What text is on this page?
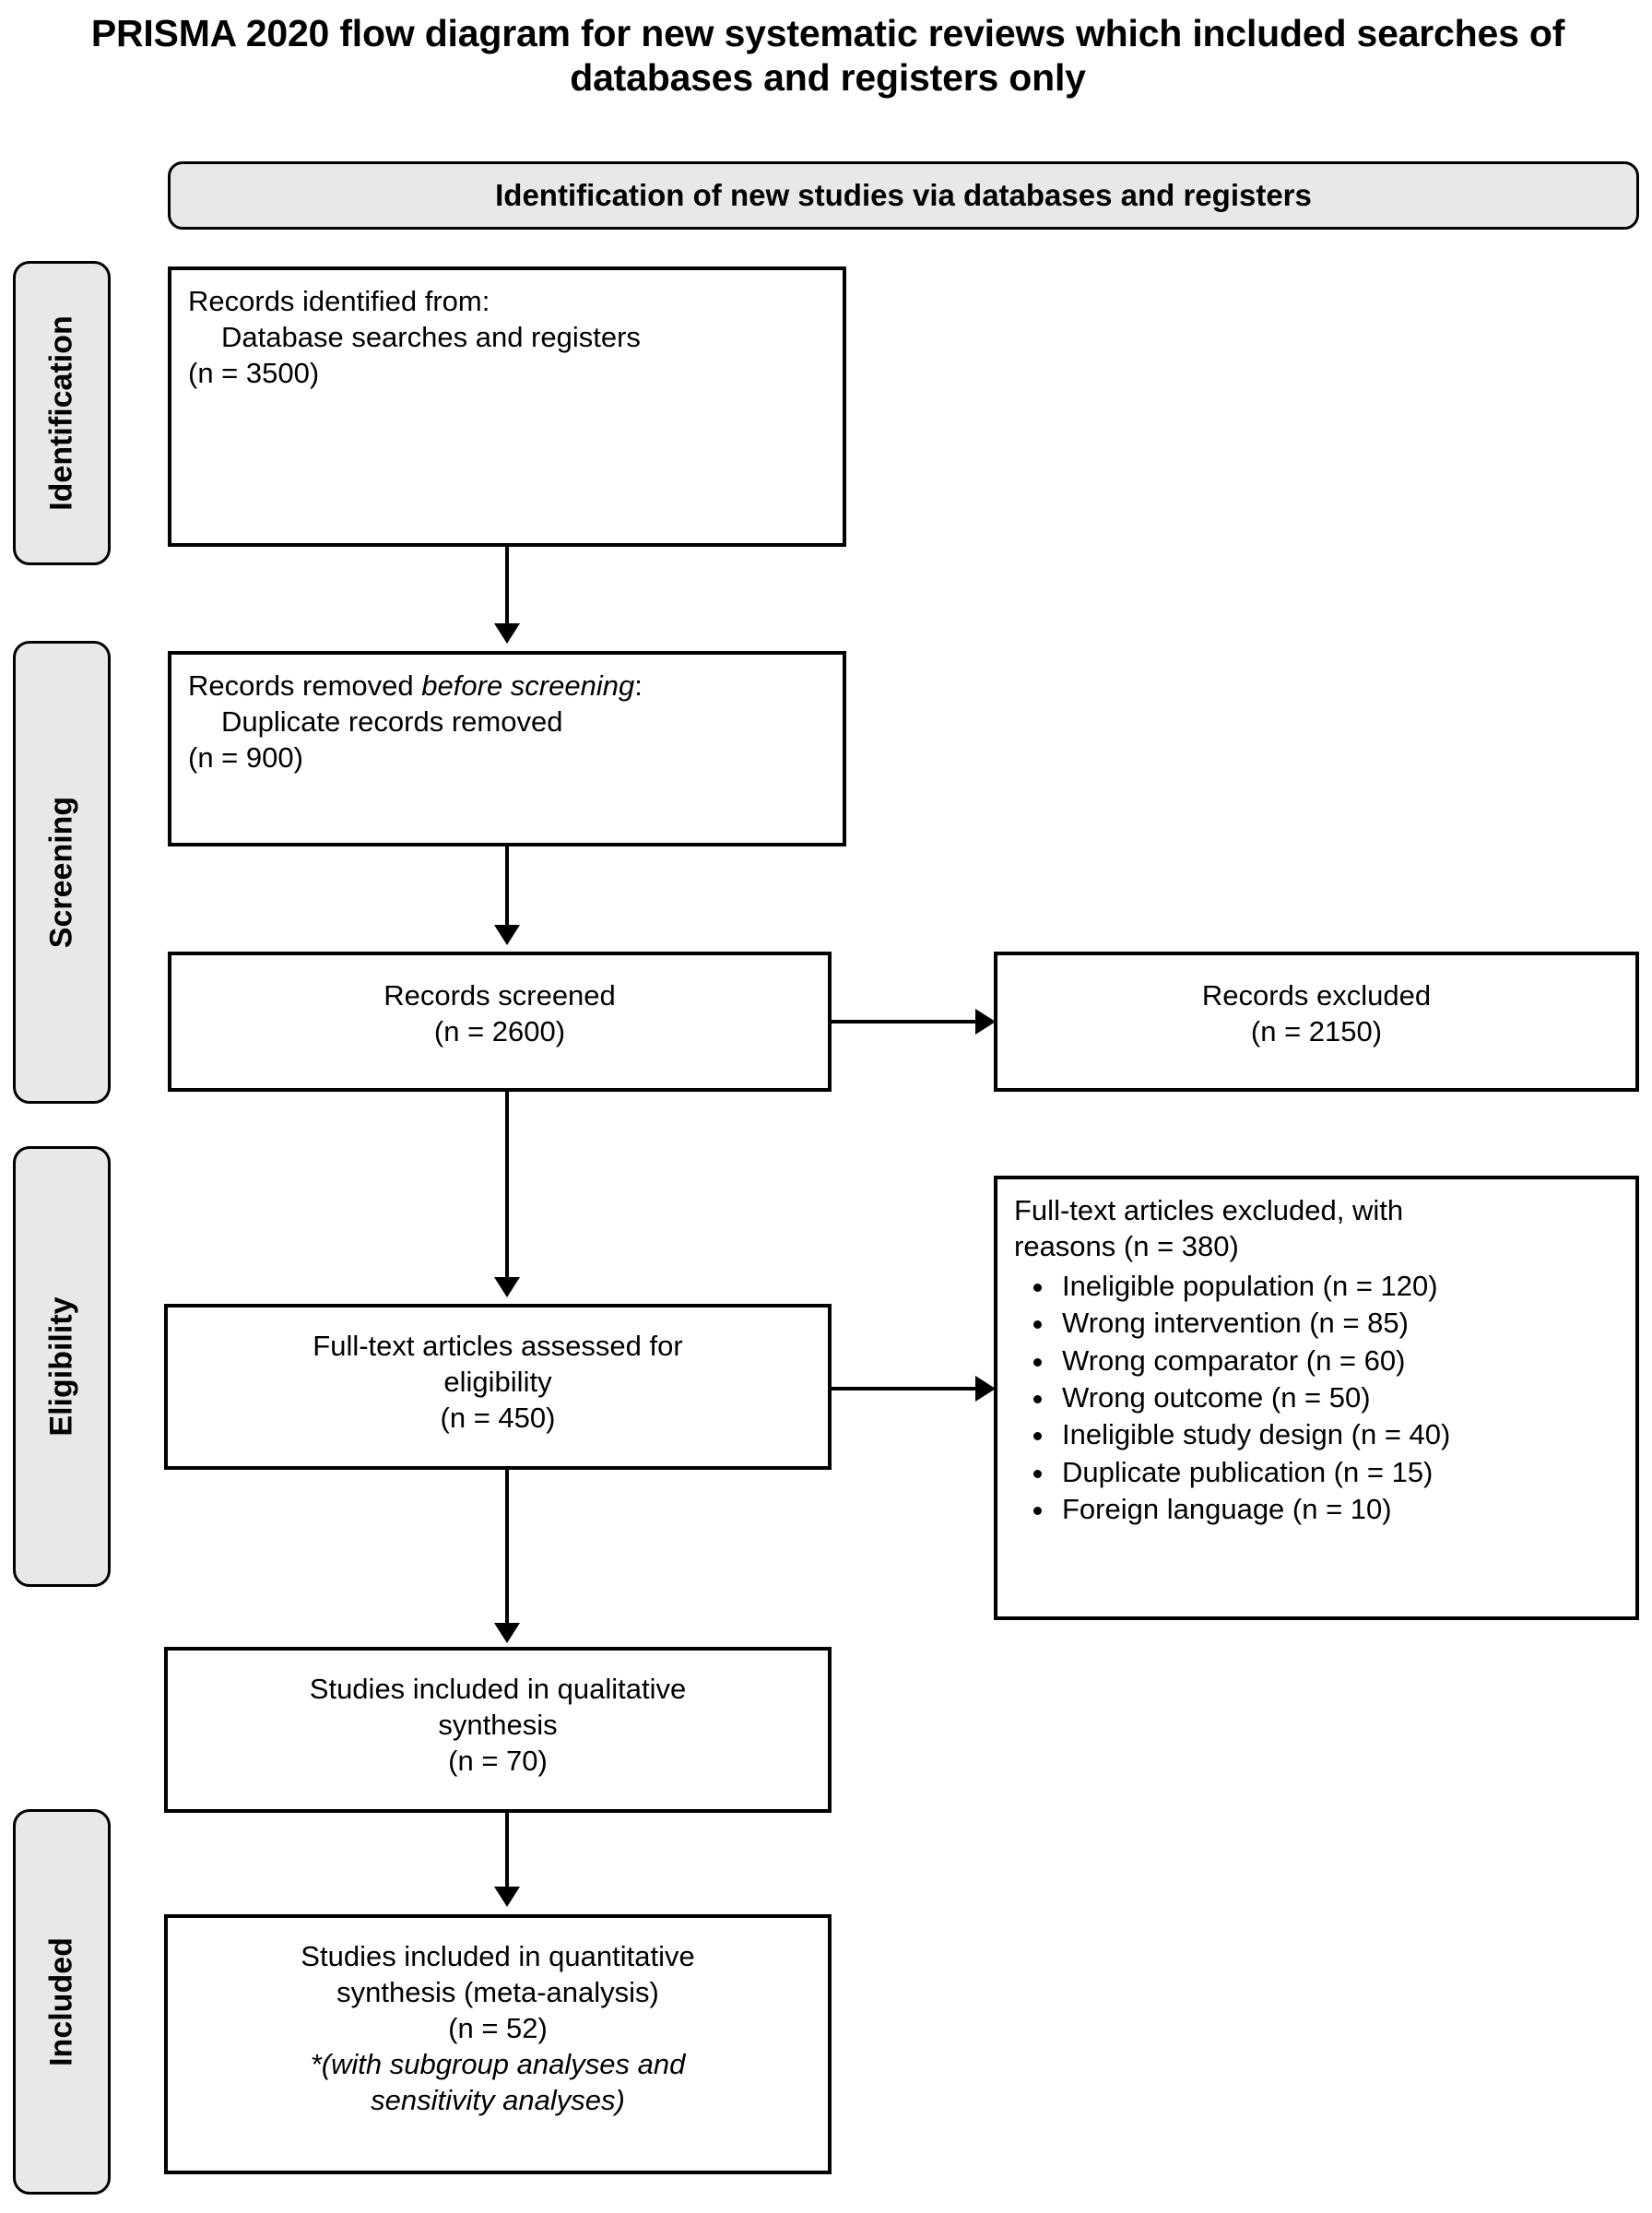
PRISMA 2020 flow diagram for new systematic reviews which included searches of databases and registers only
Identification
Screening
Eligibility
Included
Identification of new studies via databases and registers
Records identified from:
Database searches and registers
(n = 3500)
Records removed before screening:
Duplicate records removed
(n = 900)
Records screened
(n = 2600)
Records excluded
(n = 2150)
Full-text articles assessed for
eligibility
(n = 450)
Full-text articles excluded, with
reasons (n = 380)
• Ineligible population (n = 120)
• Wrong intervention (n = 85)
• Wrong comparator (n = 60)
• Wrong outcome (n = 50)
• Ineligible study design (n = 40)
• Duplicate publication (n = 15)
• Foreign language (n = 10)
Studies included in qualitative
synthesis
(n = 70)
Studies included in quantitative
synthesis (meta-analysis)
(n = 52)
*(with subgroup analyses and
sensitivity analyses)
